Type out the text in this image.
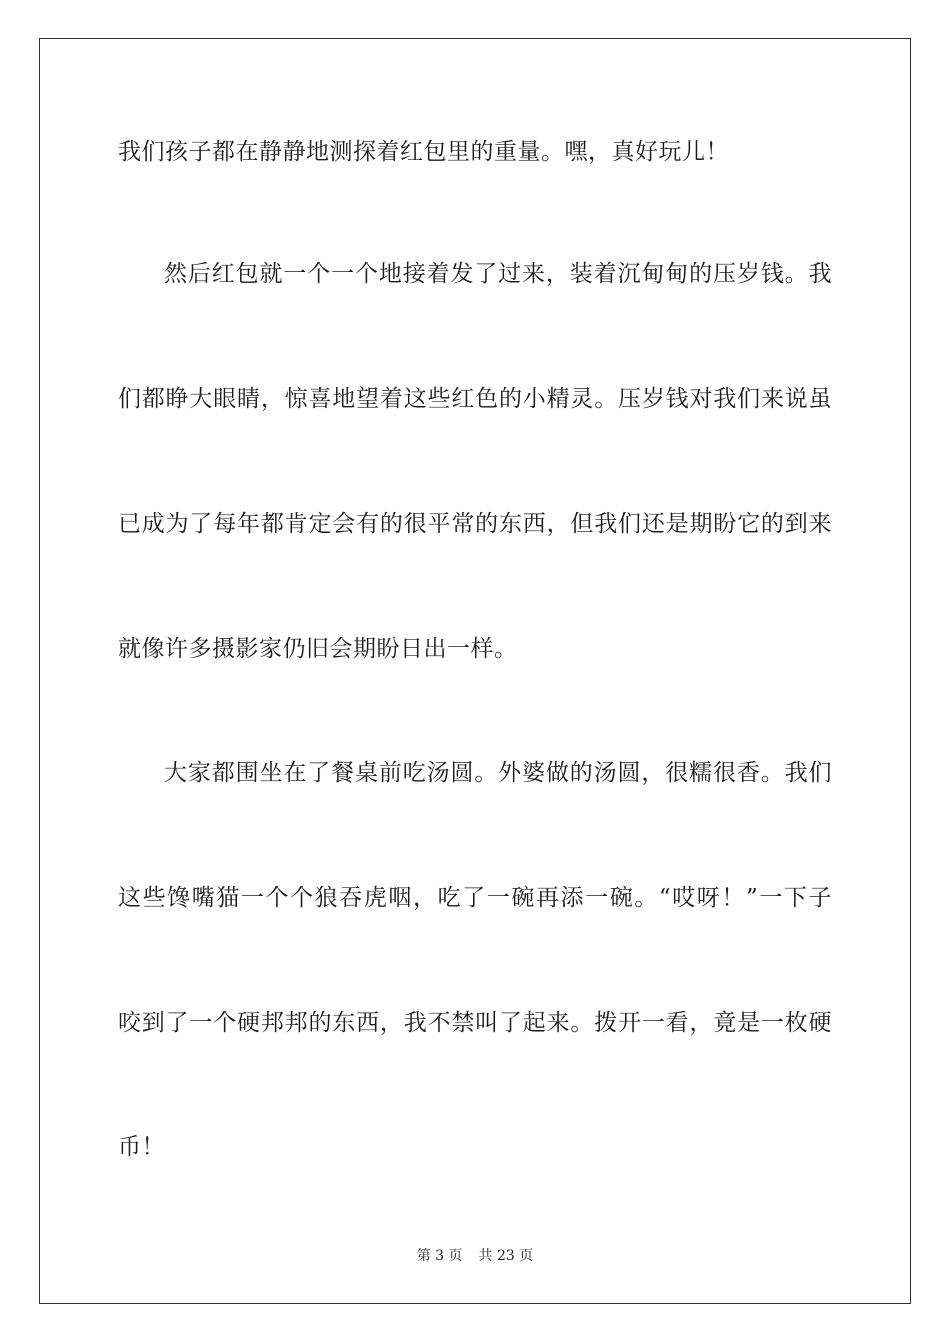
我们孩子都在静静地测探着红包里的重量。嘿，真好玩儿！
然后红包就一个一个地接着发了过来，装着沉甸甸的压岁钱。我
们都睁大眼睛，惊喜地望着这些红色的小精灵。压岁钱对我们来说虽
已成为了每年都肯定会有的很平常的东西，但我们还是期盼它的到来
就像许多摄影家仍旧会期盼日出一样。
大家都围坐在了餐桌前吃汤圆。外婆做的汤圆，很糯很香。我们
这些馋嘴猫一个个狼吞虎咽，吃了一碗再添一碗。“哎呀！”一下子
咬到了一个硬邦邦的东西，我不禁叫了起来。拨开一看，竟是一枚硬
币！
第 3 页 共 23 页
